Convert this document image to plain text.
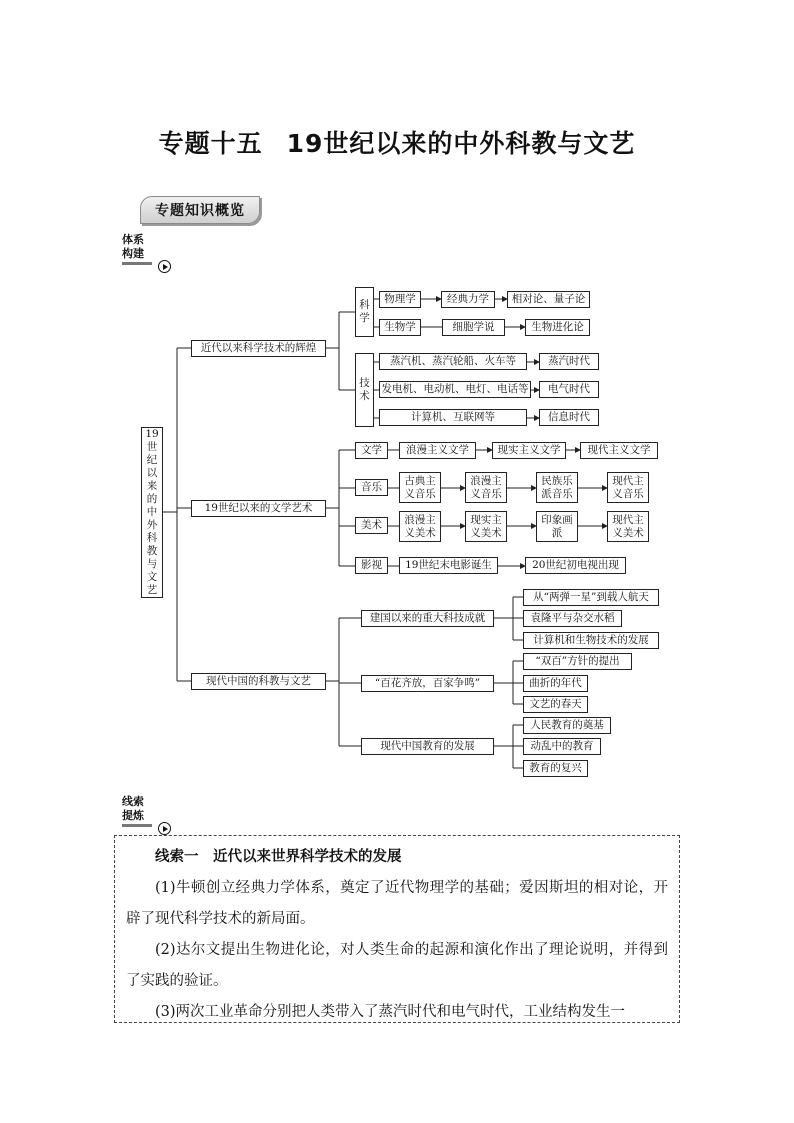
专题十五 19世纪以来的中外科教与文艺
专题知识概览
体系
构建
19世纪以来的中外科教与文艺
近代以来科学技术的辉煌
19世纪以来的文学艺术
现代中国的科教与文艺
科学
物理学	经典力学	相对论、量子论
生物学	细胞学说	生物进化论
技术
蒸汽机、蒸汽轮船、火车等	蒸汽时代
发电机、电动机、电灯、电话等	电气时代
计算机、互联网等	信息时代
文学	浪漫主义文学	现实主义文学	现代主义文学
音乐
古典主义音乐
浪漫主义音乐
民族乐派音乐
现代主义音乐
美术	浪漫主义美术
现实主义美术
印象画派
现代主义美术
影视	19世纪末电影诞生	20世纪初电视出现
建国以来的重大科技成就
从“两弹一星”到载人航天
袁隆平与杂交水稻
计算机和生物技术的发展
“百花齐放，百家争鸣”
“双百”方针的提出
曲折的年代
文艺的春天
现代中国教育的发展
人民教育的奠基
动乱中的教育
教育的复兴
线索
提炼

线索一　近代以来世界科学技术的发展

(1)牛顿创立经典力学体系，奠定了近代物理学的基础；爱因斯坦的相对论，开辟了现代科学技术的新局面。

(2)达尔文提出生物进化论，对人类生命的起源和演化作出了理论说明，并得到了实践的验证。

(3)两次工业革命分别把人类带入了蒸汽时代和电气时代，工业结构发生一
